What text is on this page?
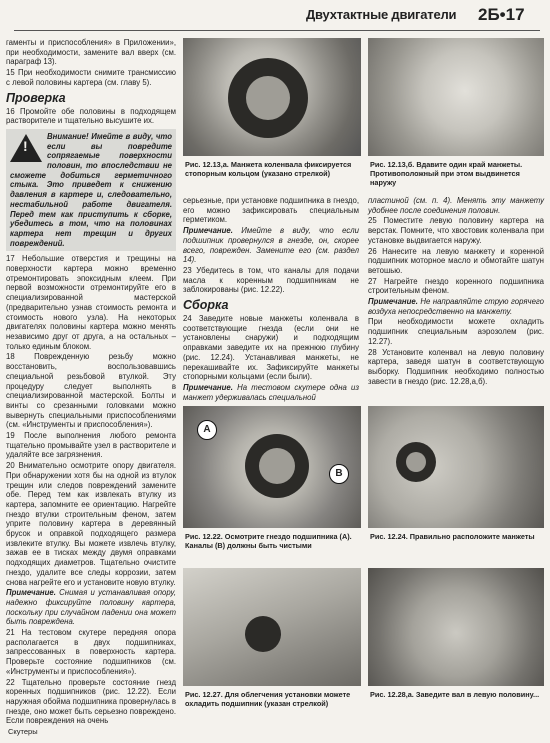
Двухтактные двигатели 2Б•17

гаменты и приспособления» в Приложении», при необходимости, замените вал вверх (см. параграф 13).

15 При необходимости снимите трансмиссию с левой половины картера (см. главу 5).

Проверка

16 Промойте обе половины в подходящем растворителе и тщательно высушите их.

!
Внимание! Имейте в виду, что если вы повредите сопрягаемые поверхности половин, то впоследствии не сможете добиться герметичного стыка. Это приведет к снижению давления в картере и, следовательно, нестабильной работе двигателя. Перед тем как приступить к сборке, убедитесь в том, что на половинах картера нет трещин и других повреждений.

17 Небольшие отверстия и трещины на поверхности картера можно временно отремонтировать эпоксидным клеем. При первой возможности отремонтируйте его в специализированной мастерской (предварительно узнав стоимость ремонта и стоимость нового узла). На некоторых двигателях половины картера можно менять независимо друг от друга, а на остальных – только единым блоком.

18 Поврежденную резьбу можно восстановить, воспользовавшись специальной резьбовой втулкой. Эту процедуру следует выполнять в специализированной мастерской. Болты и винты со срезанными головками можно вывернуть специальными приспособлениями (см. «Инструменты и приспособления»).

19 После выполнения любого ремонта тщательно промывайте узел в растворителе и удаляйте все загрязнения.

20 Внимательно осмотрите опору двигателя. При обнаружении хотя бы на одной из втулок трещин или следов повреждений замените обе. Перед тем как извлекать втулку из картера, запомните ее ориентацию. Нагрейте гнездо втулки строительным феном, затем уприте половину картера в деревянный брусок и оправкой подходящего размера извлеките втулку. Вы можете извлечь втулку, зажав ее в тисках между двумя оправками подходящих диаметров. Тщательно очистите гнездо, удалите все следы коррозии, затем снова нагрейте его и установите новую втулку.

Примечание. Снимая и устанавливая опору, надежно фиксируйте половину картера, поскольку при случайном падении она может быть повреждена.

21 На тестовом скутере передняя опора располагается в двух подшипниках, запрессованных в поверхность картера. Проверьте состояние подшипников (см. «Инструменты и приспособления»).

22 Тщательно проверьте состояние гнезд коренных подшипников (рис. 12.22). Если наружная обойма подшипника провернулась в гнезде, оно может быть серьезно повреждено. Если повреждения на очень

Рис. 12.13,а. Манжета коленвала фиксируется стопорным кольцом (указано стрелкой)
Рис. 12.13,б. Вдавите один край манжеты. Противоположный при этом выдвинется наружу

серьезные, при установке подшипника в гнездо, его можно зафиксировать специальным герметиком.

Примечание. Имейте в виду, что если подшипник провернулся в гнезде, он, скорее всего, поврежден. Замените его (см. раздел 14).

23 Убедитесь в том, что каналы для подачи масла к коренным подшипникам не заблокированы (рис. 12.22).

Сборка

24 Заведите новые манжеты коленвала в соответствующие гнезда (если они не установлены снаружи) и подходящим оправками заведите их на прежнюю глубину (рис. 12.24). Устанавливая манжеты, не перекашивайте их. Зафиксируйте манжеты стопорными кольцами (если были).

Примечание. На тестовом скутере одна из манжет удерживалась специальной

пластиной (см. п. 4). Менять эту манжету удобнее после соединения половин.

25 Поместите левую половину картера на верстак. Помните, что хвостовик коленвала при установке выдвигается наружу.

26 Нанесите на левую манжету и коренной подшипник моторное масло и обмотайте шатун ветошью.

27 Нагрейте гнездо коренного подшипника строительным феном.

Примечание. Не направляйте струю горячего воздуха непосредственно на манжету.

При необходимости можете охладить подшипник специальным аэрозолем (рис. 12.27).

28 Установите коленвал на левую половину картера, заведя шатун в соответствующую выборку. Подшипник необходимо полностью завести в гнездо (рис. 12.28,а,б).

A
B
Рис. 12.22. Осмотрите гнездо подшипника (А). Каналы (В) должны быть чистыми
Рис. 12.24. Правильно расположите манжеты
Рис. 12.27. Для облегчения установки можете охладить подшипник (указан стрелкой)
Рис. 12.28,а. Заведите вал в левую половину...
Скутеры
